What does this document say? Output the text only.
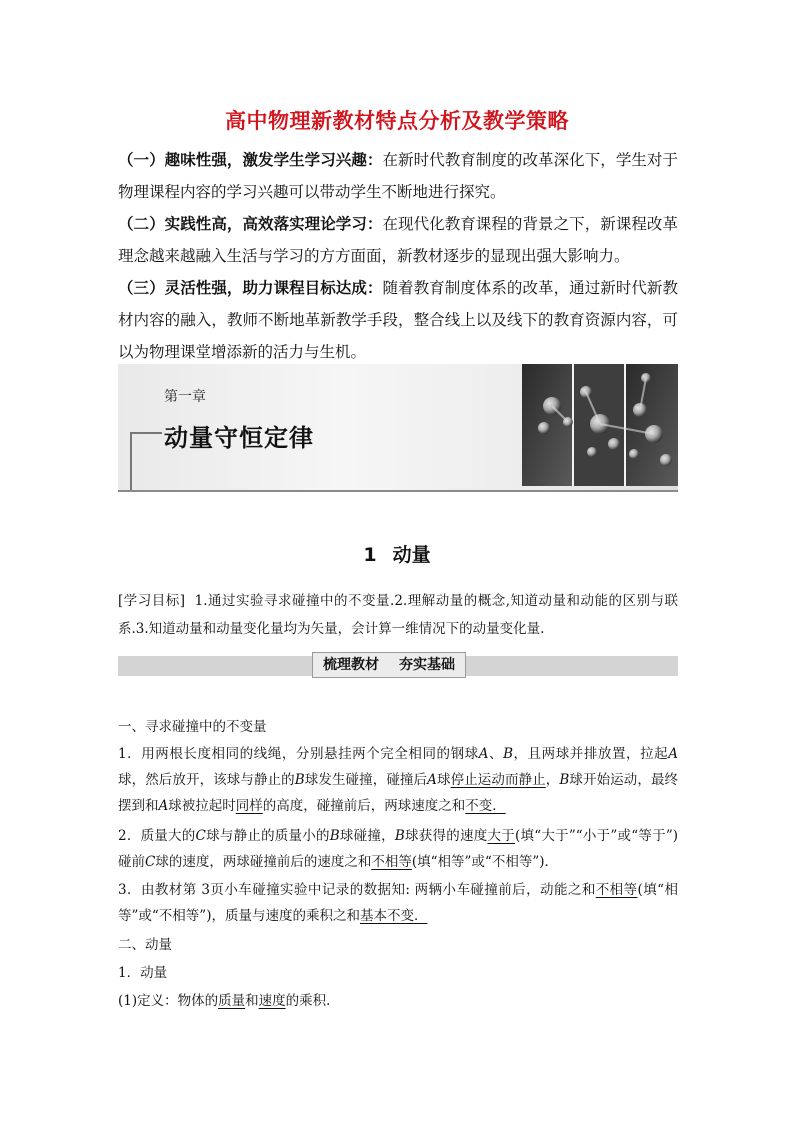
高中物理新教材特点分析及教学策略
（一）趣味性强，激发学生学习兴趣：在新时代教育制度的改革深化下，学生对于物理课程内容的学习兴趣可以带动学生不断地进行探究。
（二）实践性高，高效落实理论学习：在现代化教育课程的背景之下，新课程改革理念越来越融入生活与学习的方方面面，新教材逐步的显现出强大影响力。
（三）灵活性强，助力课程目标达成：随着教育制度体系的改革，通过新时代新教材内容的融入，教师不断地革新教学手段，整合线上以及线下的教育资源内容，可以为物理课堂增添新的活力与生机。
第一章
动量守恒定律
1 动量
[学习目标] 1.通过实验寻求碰撞中的不变量.2.理解动量的概念,知道动量和动能的区别与联系.3.知道动量和动量变化量均为矢量，会计算一维情况下的动量变化量.
梳理教材 夯实基础
一、寻求碰撞中的不变量
1．用两根长度相同的线绳，分别悬挂两个完全相同的钢球A、B，且两球并排放置，拉起A球，然后放开，该球与静止的B球发生碰撞，碰撞后A球停止运动而静止，B球开始运动，最终摆到和A球被拉起时同样的高度，碰撞前后，两球速度之和不变．
2．质量大的C球与静止的质量小的B球碰撞，B球获得的速度大于(填“大于”“小于”或“等于”)碰前C球的速度，两球碰撞前后的速度之和不相等(填“相等”或“不相等”)．
3．由教材第 3页小车碰撞实验中记录的数据知: 两辆小车碰撞前后，动能之和不相等(填“相等”或“不相等”)，质量与速度的乘积之和基本不变．
二、动量
1．动量
(1)定义：物体的质量和速度的乘积．
